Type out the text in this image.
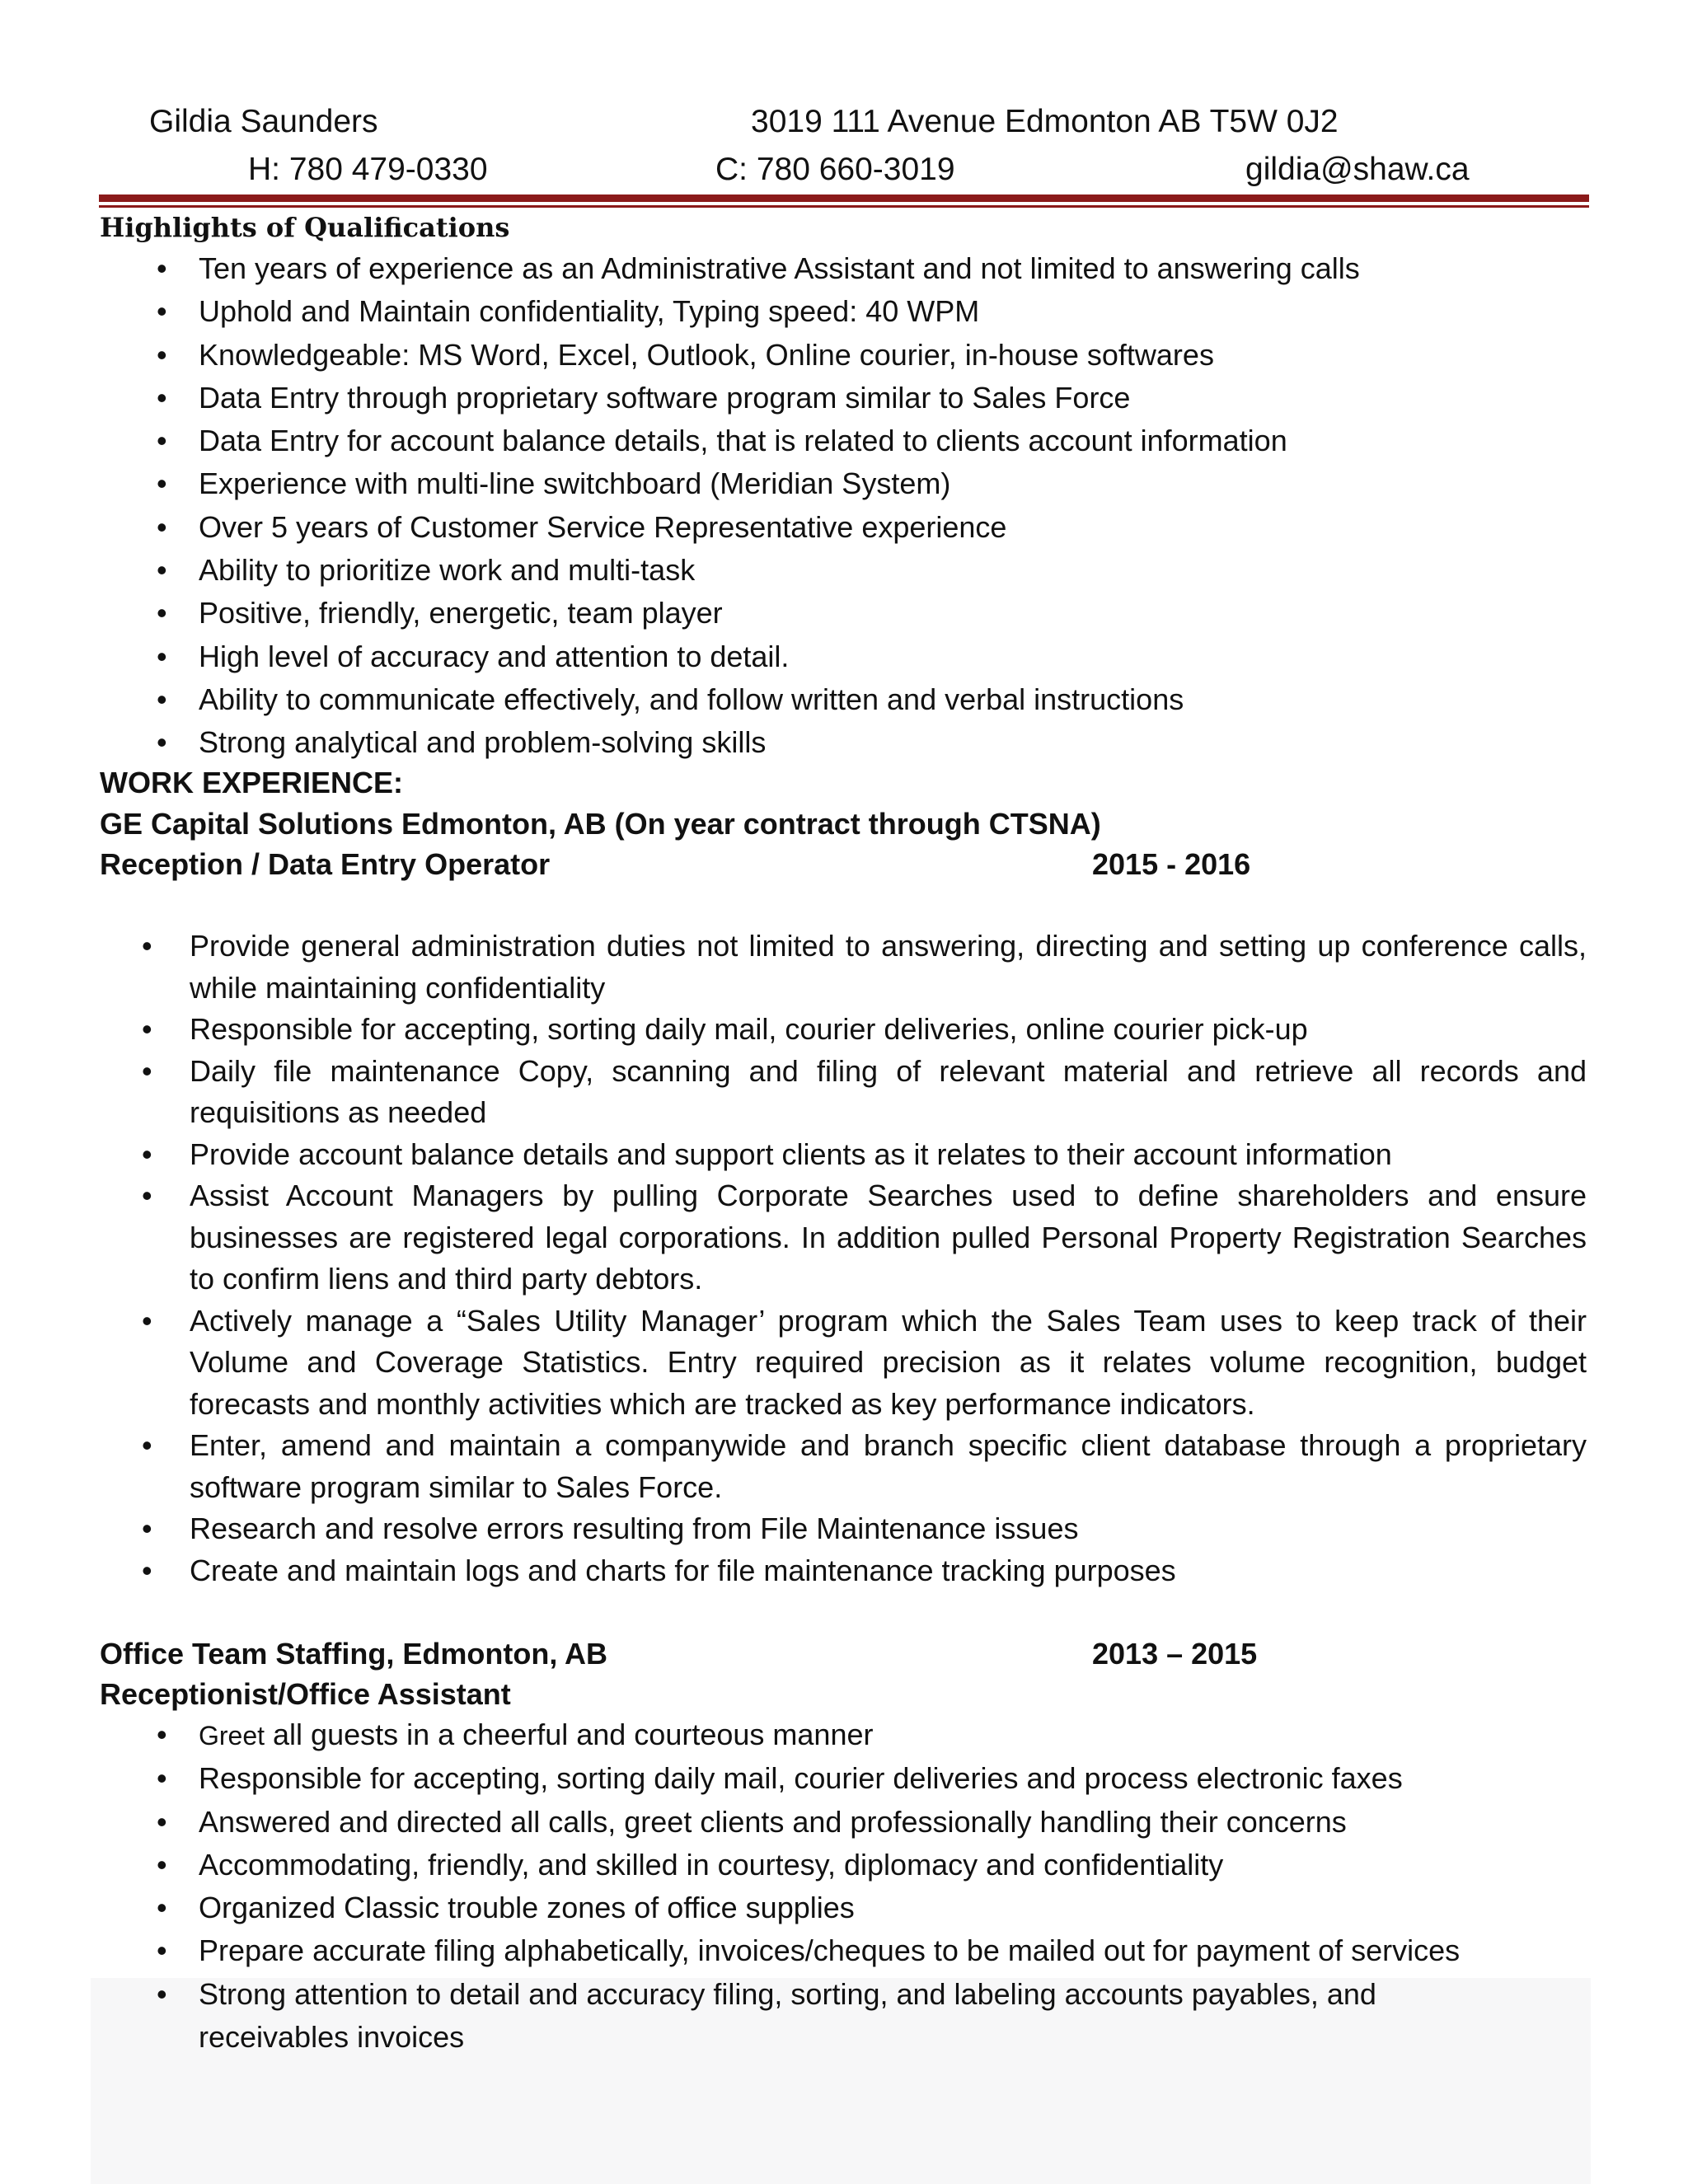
Gildia Saunders	3019 111 Avenue Edmonton AB T5W 0J2
H: 780 479-0330	C: 780 660-3019	gildia@shaw.ca
Highlights of Qualifications
• Ten years of experience as an Administrative Assistant and not limited to answering calls
• Uphold and Maintain confidentiality, Typing speed: 40 WPM
• Knowledgeable: MS Word, Excel, Outlook, Online courier, in-house softwares
• Data Entry through proprietary software program similar to Sales Force
• Data Entry for account balance details, that is related to clients account information
• Experience with multi-line switchboard (Meridian System)
• Over 5 years of Customer Service Representative experience
• Ability to prioritize work and multi-task
• Positive, friendly, energetic, team player
• High level of accuracy and attention to detail.
• Ability to communicate effectively, and follow written and verbal instructions
• Strong analytical and problem-solving skills
WORK EXPERIENCE:
GE Capital Solutions Edmonton, AB (On year contract through CTSNA)
Reception / Data Entry Operator	2015 - 2016
• Provide general administration duties not limited to answering, directing and setting up conference calls, while maintaining confidentiality
• Responsible for accepting, sorting daily mail, courier deliveries, online courier pick-up
• Daily file maintenance Copy, scanning and filing of relevant material and retrieve all records and requisitions as needed
• Provide account balance details and support clients as it relates to their account information
• Assist Account Managers by pulling Corporate Searches used to define shareholders and ensure businesses are registered legal corporations. In addition pulled Personal Property Registration Searches to confirm liens and third party debtors.
• Actively manage a “Sales Utility Manager’ program which the Sales Team uses to keep track of their Volume and Coverage Statistics. Entry required precision as it relates volume recognition, budget forecasts and monthly activities which are tracked as key performance indicators.
• Enter, amend and maintain a companywide and branch specific client database through a proprietary software program similar to Sales Force.
• Research and resolve errors resulting from File Maintenance issues
• Create and maintain logs and charts for file maintenance tracking purposes
Office Team Staffing, Edmonton, AB	2013 – 2015
Receptionist/Office Assistant
• Greet all guests in a cheerful and courteous manner
• Responsible for accepting, sorting daily mail, courier deliveries and process electronic faxes
• Answered and directed all calls, greet clients and professionally handling their concerns
• Accommodating, friendly, and skilled in courtesy, diplomacy and confidentiality
• Organized Classic trouble zones of office supplies
• Prepare accurate filing alphabetically, invoices/cheques to be mailed out for payment of services
• Strong attention to detail and accuracy filing, sorting, and labeling accounts payables, and receivables invoices
